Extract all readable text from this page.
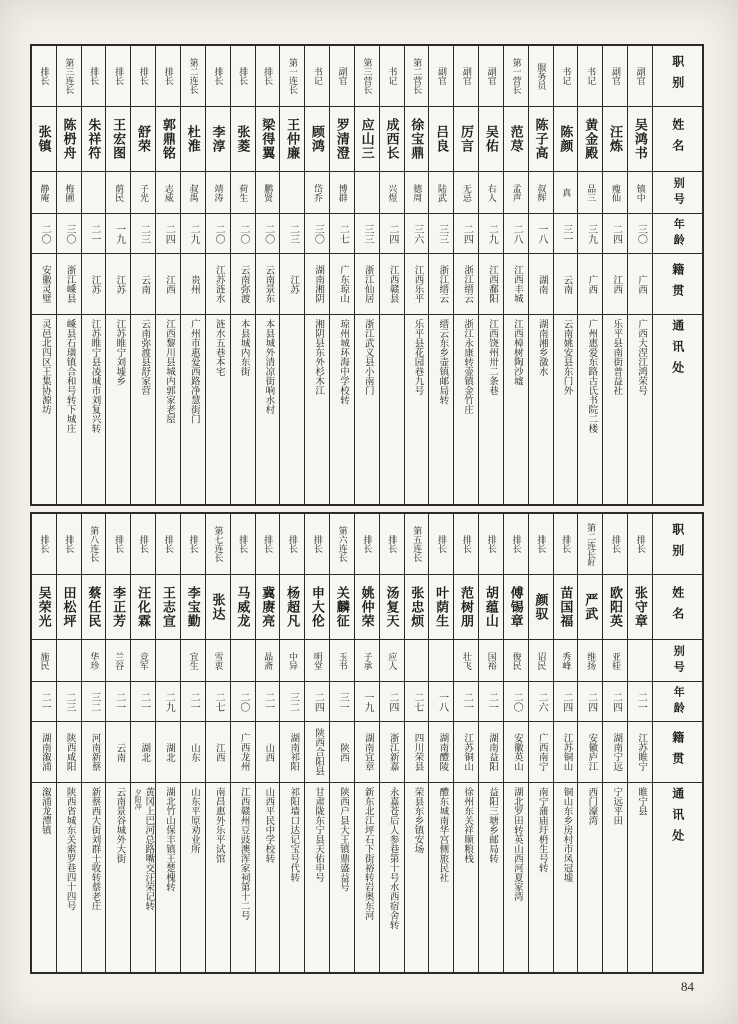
职别
姓名
别号
年龄
籍贯
通讯处
副官
吴鸿书
镇中
三〇
广西
广西大涅江鸿荣号
副官
汪炼
瘦仙
二四
江西
乐平县南街普益社
书记
黄金殿
品三
三九
广西
广州惠爱东路古氏书院二楼
书记
陈颜
真
三一
云南
云南姚安县东门外
服务员
陈子高
叔辉
一八
湖南
湖南湘乡潋水
第一营长
范荩
孟声
二八
江西丰城
江西樟树陶沙墟
副官
吴佑
右人
二九
江西鄱阳
江西饶州卅二条巷
副官
厉言
无忌
二四
浙江缙云
浙江永康转壶镇金竹庄
副官
吕良
陆武
三三
浙江缙云
缙云东乡壶镇邮局转
第二营长
徐宝鼎
德周
三六
江西乐平
乐平县花园巷九号
书记
成西长
兴煜
二四
江西赣县
第三营长
应山三
三三
浙江仙居
浙江武义县小南门
副官
罗清澄
博群
二七
广东琼山
琼州城环海中学校转
书记
顾鸿
岱乔
三〇
湖南湘阴
湘阴县东外杉木江
第一连长
王仲廉
二三
江苏
排长
梁得翼
鹏贤
二〇
云南景东
本县城外清凉街响水村
排长
张菱
荷生
二〇
云南弥渡
本县城内东街
排长
李淳
靖涛
二〇
江苏涟水
涟水五巷本宅
第二连长
杜淮
叔禹
二九
贵州
广州市惠爱西路净慧街门
排长
郭鼎铭
志威
二四
江西
江西黎川县城内郭家老屋
排长
舒荣
子光
二三
云南
云南弥渡县舒家营
排长
王宏图
荫民
一九
江苏
江苏睢宁刘墟乡
排长
朱祥符
二一
江苏
江苏睢宁县凌城市刘复兴转
第三连长
陈枬舟
梅圃
三〇
浙江嵊县
嵊县石璜镇合和号转下城庄
排长
张镇
静庵
二〇
安徽灵璧
灵邑北四区王集协源坊
职别
姓名
别号
年龄
籍贯
通讯处
排长
张守章
二一
江苏睢宁
睢宁县
排长
欧阳英
亚桂
二四
湖南宁远
宁远平田
第二连长附
严武
维扬
二四
安徽庐江
西门濠湾
排长
苗国福
秀峰
二四
江苏铜山
铜山东乡房村市凤冠墟
排长
颜驭
诏民
二六
广西南宁
南宁蒲庙圩枬生号转
排长
傅锡章
俊民
二〇
安徽英山
湖北罗田转英山西河夏家湾
排长
胡蕴山
国裕
二一
湖南益阳
益阳三塘乡邮局转
排长
范树朋
壮飞
二一
江苏铜山
徐州东关祥顺粮栈
排长
叶荫生
一八
湖南醴陵
醴东城南华宫侧旅民社
第五连长
张忠烦
二七
四川荣县
荣县东乡镇安场
排长
汤复天
应人
二四
浙江新嘉
永嘉苍后人参巷第十号水西宿舍转
排长
姚仲荣
子承
一九
湖南宜章
新东北江坪石下街裕转岩奥东河
第六连长
关麟征
玉书
三一
陕西
陕西户县大王镇鼎盛益号
排长
申大伦
明堂
二四
陕西合阳县
甘肃陇东宁县天佑申号
排长
杨超凡
中异
三二
湖南祁阳
祁阳墙口达记宝号代转
排长
冀赓亮
晶斋
二一
山西
山西平民中学校转
排长
马威龙
二〇
广西龙州
江西赣州豆豉澳浑家祠第十二号
第七连长
张达
雪衷
二七
江西
南昌惠外乐平试馆
排长
李宝勤
宜生
二一
山东
山东平原劝业所
排长
王志宣
二九
湖北
湖北竹山保丰镇王楚槐转
排长
汪化霖
竞军
二一
湖北
夕阳冲 黄冈上巴河总路嘴交汪荣记转
排长
李正芳
兰谷
二一
云南
云南景谷城外大街
第八连长
蔡任民
华珍
三二
河南新蔡
新蔡西大街刘群士收转蔡老庄
排长
田松坪
二三
陕西咸阳
陕西省城东关索罗巷四十四号
排长
吴荣光
施民
二一
湖南溆浦
溆浦龙潭镇
84
